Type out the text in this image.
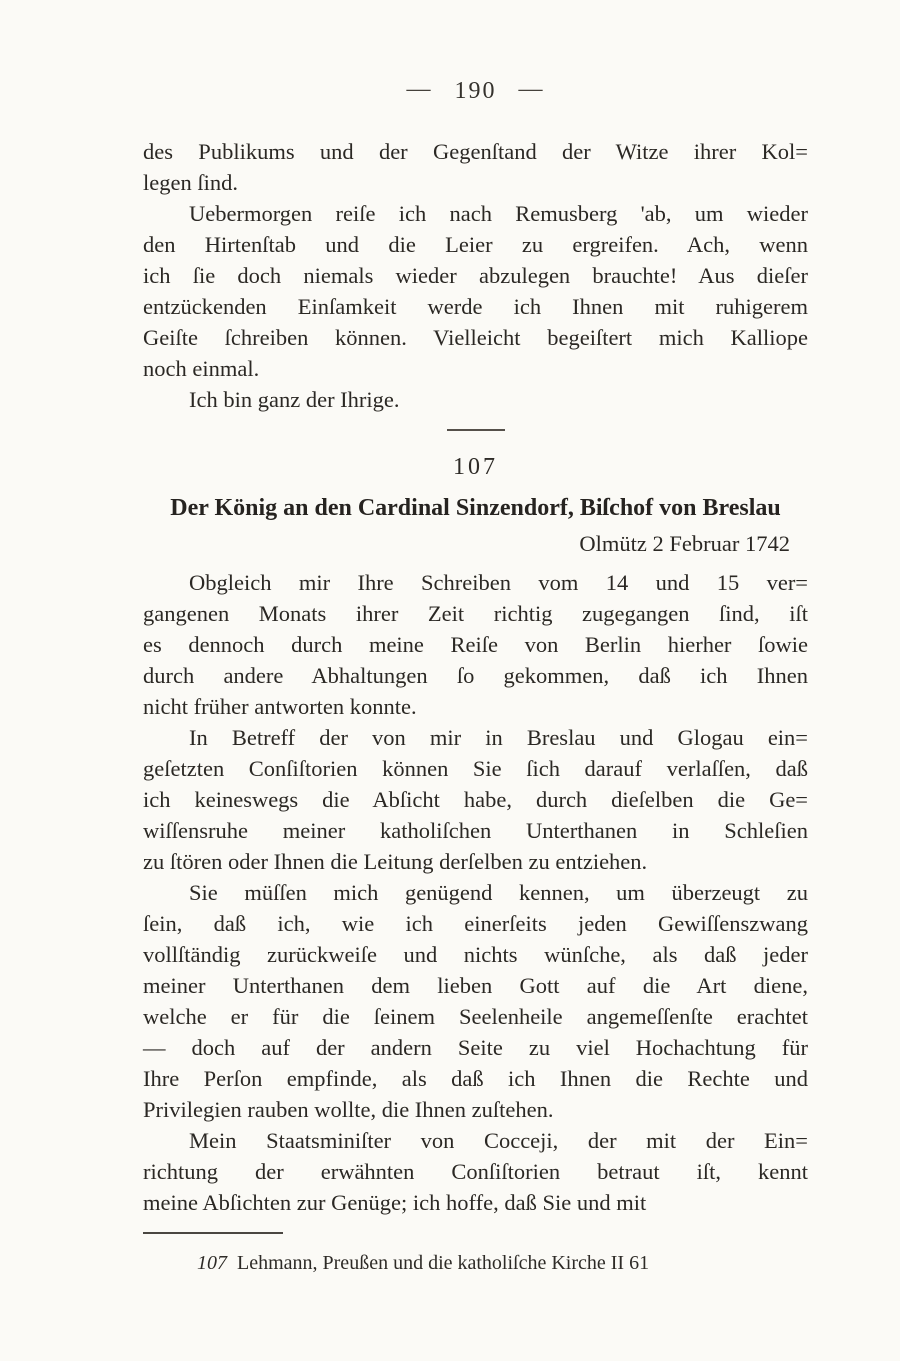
— 190 —
des Publikums und der Gegenſtand der Witze ihrer Kol=
legen ſind.
Uebermorgen reiſe ich nach Remusberg 'ab, um wieder
den Hirtenſtab und die Leier zu ergreifen. Ach, wenn
ich ſie doch niemals wieder abzulegen brauchte! Aus dieſer
entzückenden Einſamkeit werde ich Ihnen mit ruhigerem
Geiſte ſchreiben können. Vielleicht begeiſtert mich Kalliope
noch einmal.
Ich bin ganz der Ihrige.
107
Der König an den Cardinal Sinzendorf, Biſchof von Breslau
Olmütz 2 Februar 1742
Obgleich mir Ihre Schreiben vom 14 und 15 ver=
gangenen Monats ihrer Zeit richtig zugegangen ſind, iſt
es dennoch durch meine Reiſe von Berlin hierher ſowie
durch andere Abhaltungen ſo gekommen, daß ich Ihnen
nicht früher antworten konnte.
In Betreff der von mir in Breslau und Glogau ein=
geſetzten Conſiſtorien können Sie ſich darauf verlaſſen, daß
ich keineswegs die Abſicht habe, durch dieſelben die Ge=
wiſſensruhe meiner katholiſchen Unterthanen in Schleſien
zu ſtören oder Ihnen die Leitung derſelben zu entziehen.
Sie müſſen mich genügend kennen, um überzeugt zu
ſein, daß ich, wie ich einerſeits jeden Gewiſſenszwang
vollſtändig zurückweiſe und nichts wünſche, als daß jeder
meiner Unterthanen dem lieben Gott auf die Art diene,
welche er für die ſeinem Seelenheile angemeſſenſte erachtet
— doch auf der andern Seite zu viel Hochachtung für
Ihre Perſon empfinde, als daß ich Ihnen die Rechte und
Privilegien rauben wollte, die Ihnen zuſtehen.
Mein Staatsminiſter von Cocceji, der mit der Ein=
richtung der erwähnten Conſiſtorien betraut iſt, kennt
meine Abſichten zur Genüge; ich hoffe, daß Sie und mit
107 Lehmann, Preußen und die katholiſche Kirche II 61
